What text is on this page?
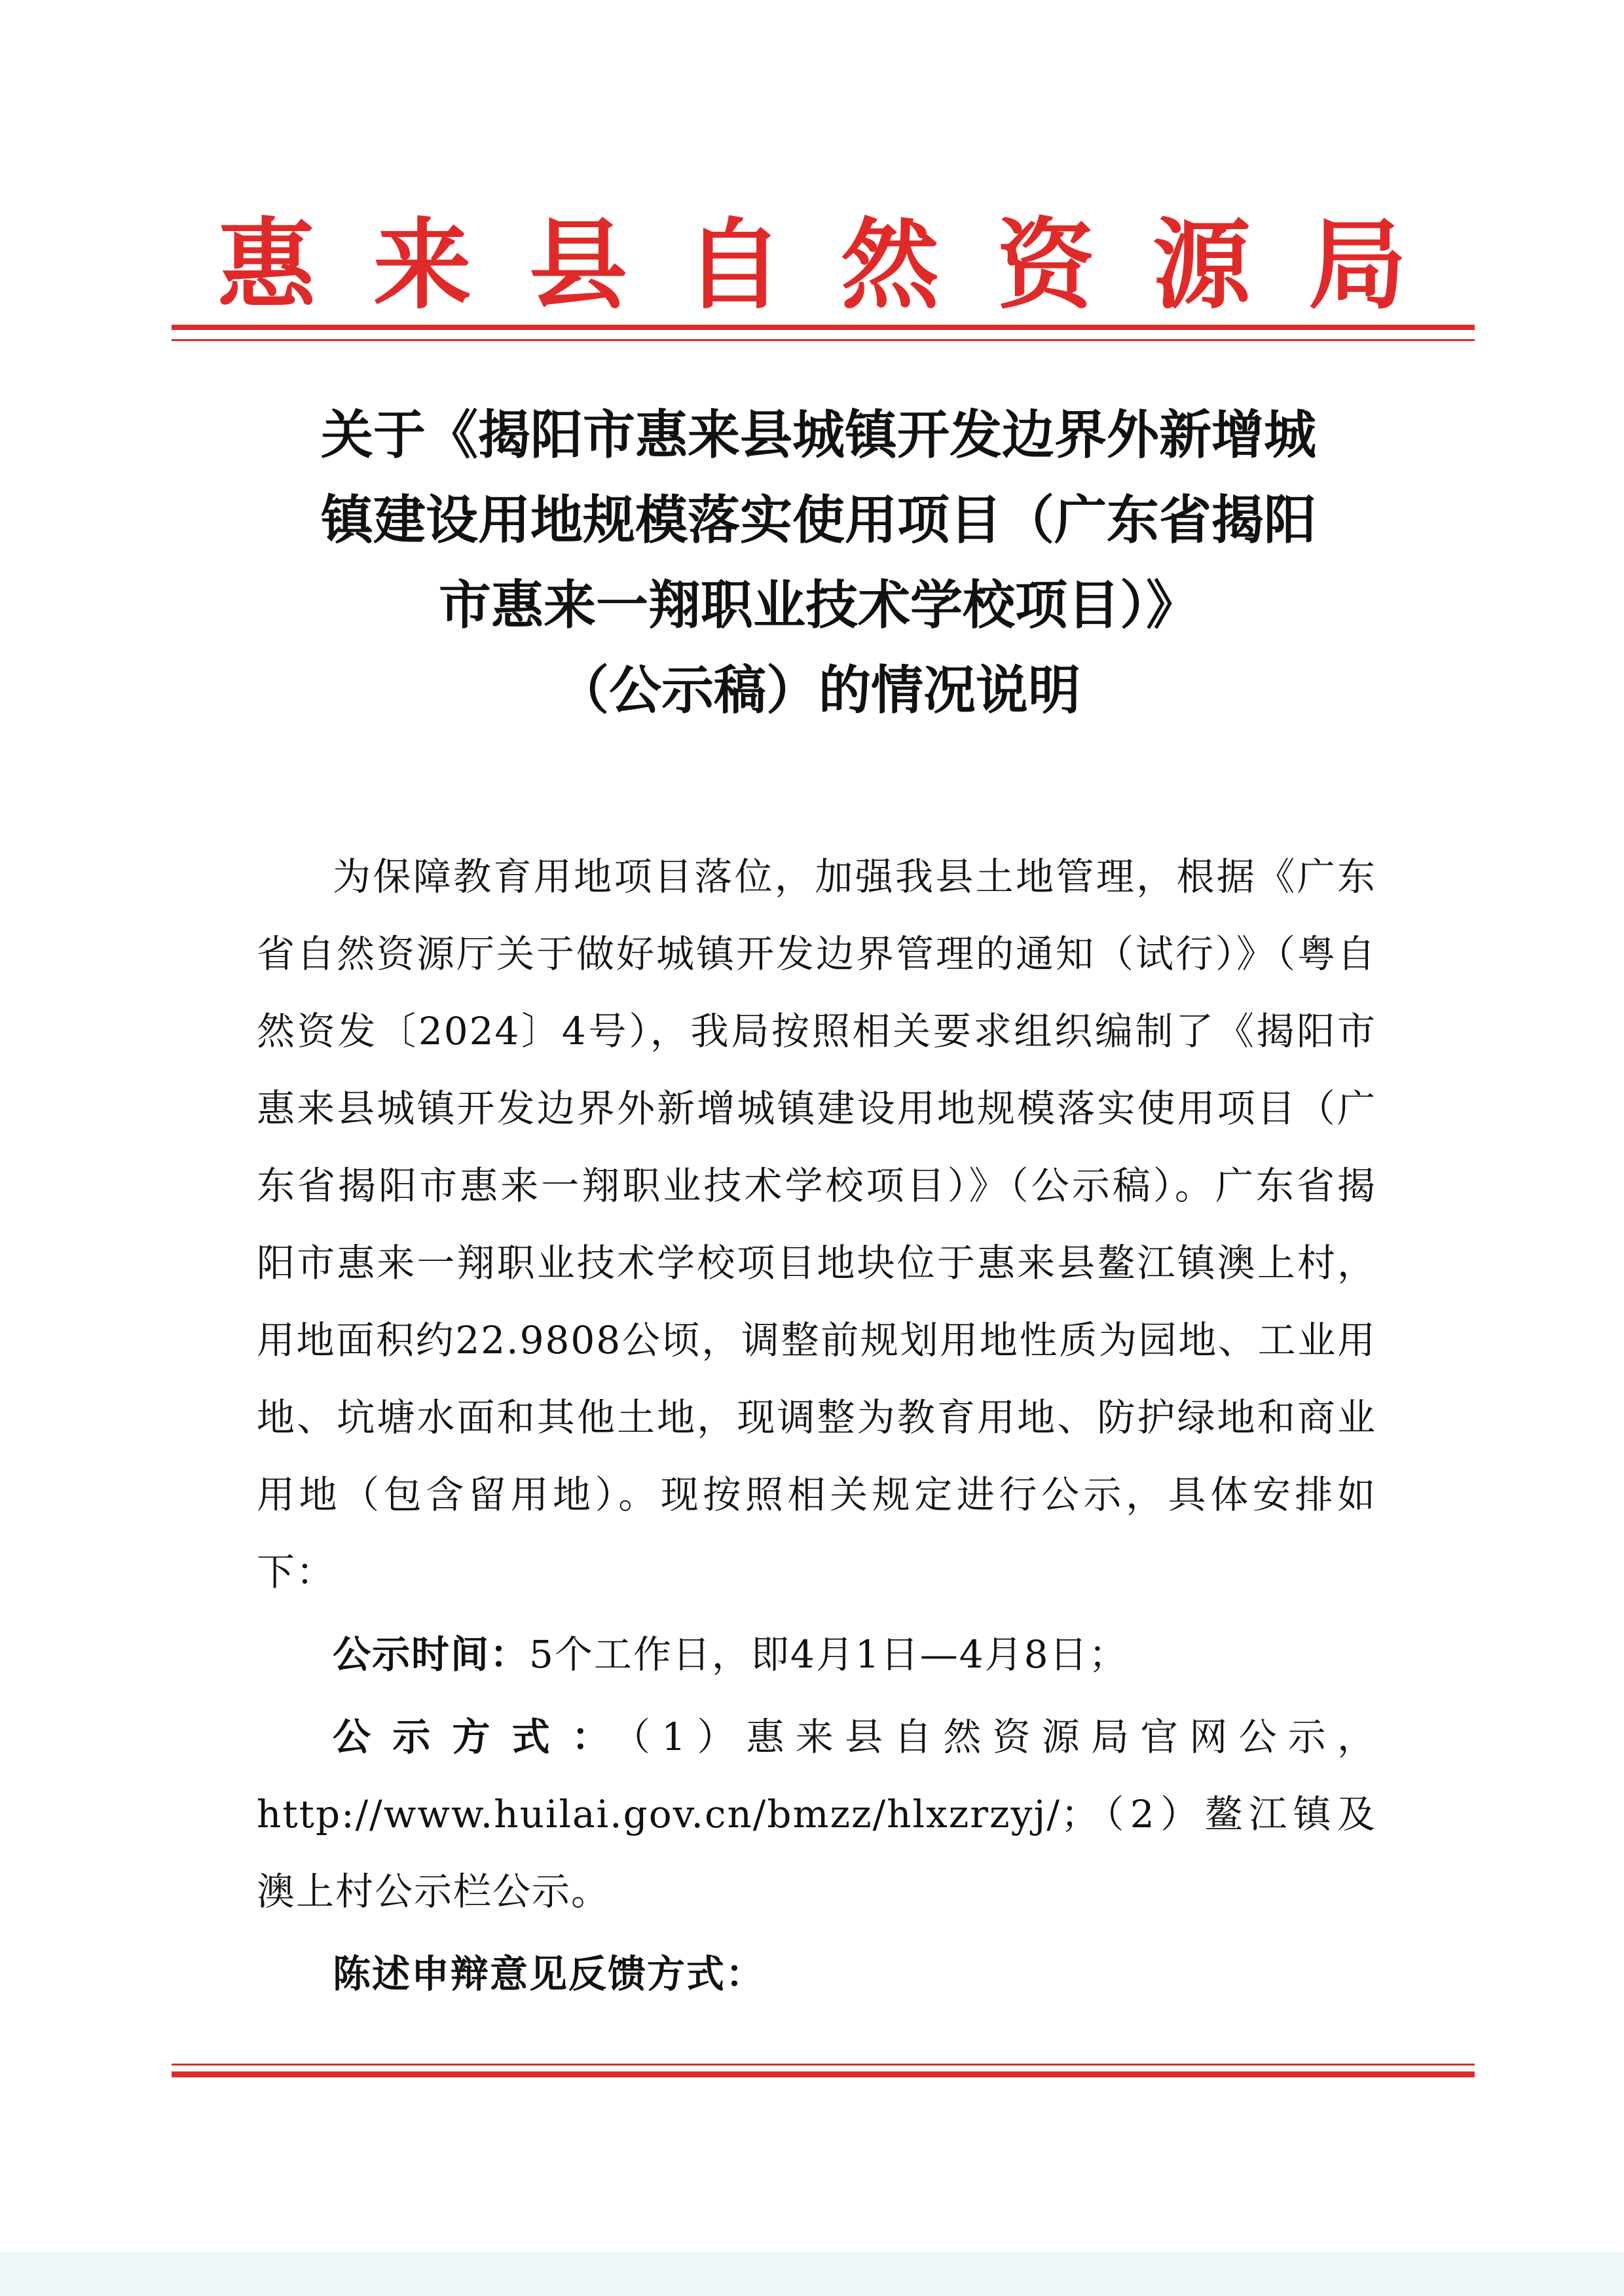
惠来县自然资源局
关于《揭阳市惠来县城镇开发边界外新增城
镇建设用地规模落实使用项目（广东省揭阳
市惠来一翔职业技术学校项目）》
（公示稿）的情况说明

为保障教育用地项目落位，加强我县土地管理，根据《广东省自然资源厅关于做好城镇开发边界管理的通知（试行）》（粤自然资发〔2024〕4号），我局按照相关要求组织编制了《揭阳市惠来县城镇开发边界外新增城镇建设用地规模落实使用项目（广东省揭阳市惠来一翔职业技术学校项目）》（公示稿）。广东省揭阳市惠来一翔职业技术学校项目地块位于惠来县鳌江镇澳上村，用地面积约22.9808公顷，调整前规划用地性质为园地、工业用地、坑塘水面和其他土地，现调整为教育用地、防护绿地和商业用地（包含留用地）。现按照相关规定进行公示，具体安排如下：

公示时间：5个工作日，即4月1日—4月8日；

公示方式：（1）惠来县自然资源局官网公示，http://www.huilai.gov.cn/bmzz/hlxzrzyj/；（2）鳌江镇及澳上村公示栏公示。

陈述申辩意见反馈方式：
